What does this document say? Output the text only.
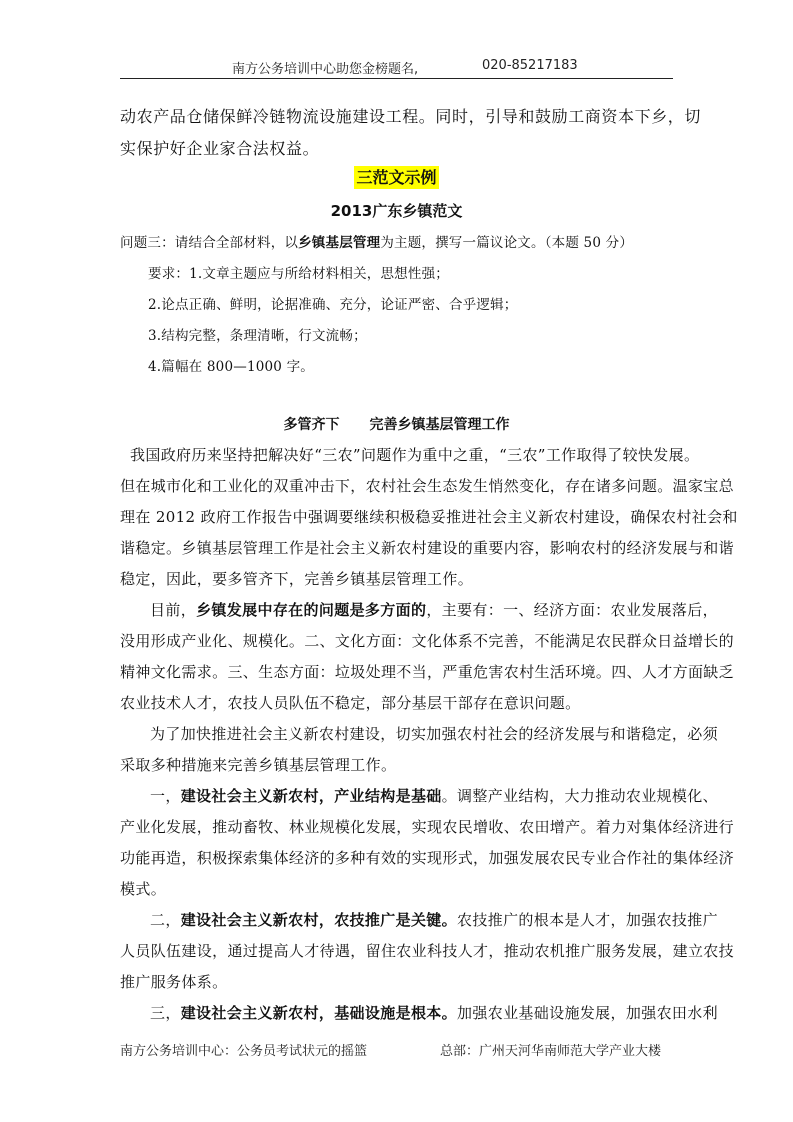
南方公务培训中心助您金榜题名,	020-85217183
动农产品仓储保鲜冷链物流设施建设工程。同时，引导和鼓励工商资本下乡，切
实保护好企业家合法权益。
三范文示例
2013广东乡镇范文
问题三：请结合全部材料，以乡镇基层管理为主题，撰写一篇议论文。（本题 50 分）
要求：1.文章主题应与所给材料相关，思想性强；
2.论点正确、鲜明，论据准确、充分，论证严密、合乎逻辑；
3.结构完整，条理清晰，行文流畅；
4.篇幅在 800—1000 字。
多管齐下 完善乡镇基层管理工作
我国政府历来坚持把解决好“三农”问题作为重中之重，“三农”工作取得了较快发展。
但在城市化和工业化的双重冲击下，农村社会生态发生悄然变化，存在诸多问题。温家宝总
理在 2012 政府工作报告中强调要继续积极稳妥推进社会主义新农村建设，确保农村社会和
谐稳定。乡镇基层管理工作是社会主义新农村建设的重要内容，影响农村的经济发展与和谐
稳定，因此，要多管齐下，完善乡镇基层管理工作。
目前，乡镇发展中存在的问题是多方面的，主要有：一、经济方面：农业发展落后，
没用形成产业化、规模化。二、文化方面：文化体系不完善，不能满足农民群众日益增长的
精神文化需求。三、生态方面：垃圾处理不当，严重危害农村生活环境。四、人才方面缺乏
农业技术人才，农技人员队伍不稳定，部分基层干部存在意识问题。
为了加快推进社会主义新农村建设，切实加强农村社会的经济发展与和谐稳定，必须
采取多种措施来完善乡镇基层管理工作。
一，建设社会主义新农村，产业结构是基础。调整产业结构，大力推动农业规模化、
产业化发展，推动畜牧、林业规模化发展，实现农民增收、农田增产。着力对集体经济进行
功能再造，积极探索集体经济的多种有效的实现形式，加强发展农民专业合作社的集体经济
模式。
二，建设社会主义新农村，农技推广是关键。农技推广的根本是人才，加强农技推广
人员队伍建设，通过提高人才待遇，留住农业科技人才，推动农机推广服务发展，建立农技
推广服务体系。
三，建设社会主义新农村，基础设施是根本。加强农业基础设施发展，加强农田水利
南方公务培训中心：公务员考试状元的摇篮	总部：广州天河华南师范大学产业大楼
